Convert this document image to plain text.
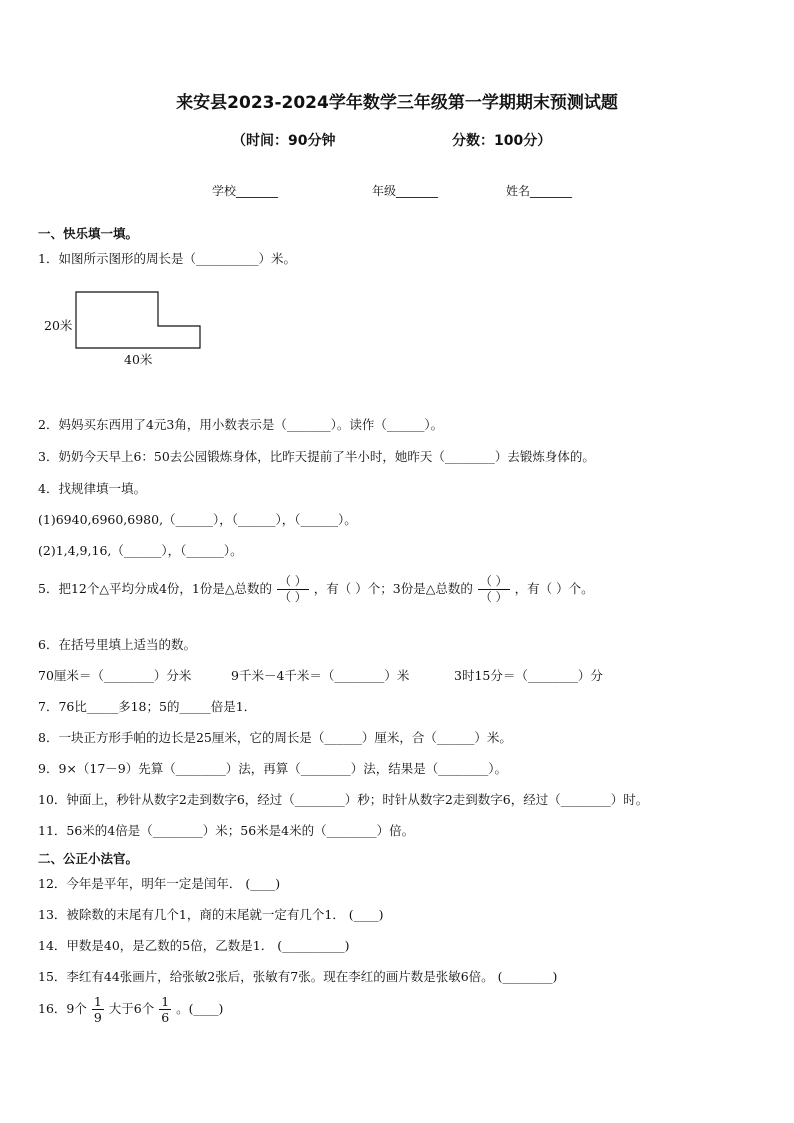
来安县2023-2024学年数学三年级第一学期期末预测试题
（时间：90分钟	分数：100分）
学校_______	年级_______	姓名_______
一、快乐填一填。
1．如图所示图形的周长是（__________）米。
20米
40米
2．妈妈买东西用了4元3角，用小数表示是（_______）。读作（______）。
3．奶奶今天早上6：50去公园锻炼身体，比昨天提前了半小时，她昨天（________）去锻炼身体的。
4．找规律填一填。
(1)6940,6960,6980,（______），（______），（______）。
(2)1,4,9,16,（______），（______）。
5．把12个△平均分成4份，1份是△总数的 $\frac{( )}{( )}$ ，有（ ）个；3份是△总数的 $\frac{( )}{( )}$ ，有（ ）个。
6．在括号里填上适当的数。
70厘米＝（________）分米	9千米－4千米＝（________）米	3时15分＝（________）分
7．76比_____多18；5的_____倍是1．
8．一块正方形手帕的边长是25厘米，它的周长是（______）厘米，合（______）米。
9．9×（17－9）先算（________）法，再算（________）法，结果是（________）。
10．钟面上，秒针从数字2走到数字6，经过（________）秒；时针从数字2走到数字6，经过（________）时。
11．56米的4倍是（________）米；56米是4米的（________）倍。
二、公正小法官。
12．今年是平年，明年一定是闰年． (____)
13．被除数的末尾有几个1，商的末尾就一定有几个1． (____)
14．甲数是40，是乙数的5倍，乙数是1． (__________)
15．李红有44张画片，给张敏2张后，张敏有7张。现在李红的画片数是张敏6倍。 (________)
16．9个 $\frac{1}{9}$ 大于6个 $\frac{1}{6}$ 。(____)
